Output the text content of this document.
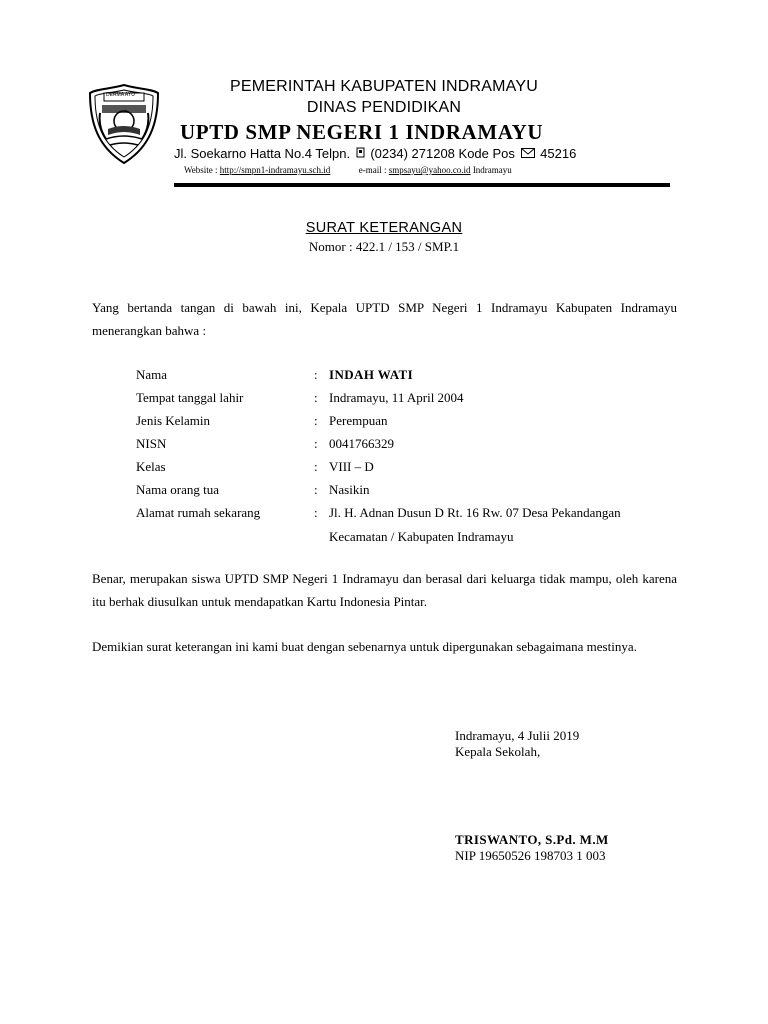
DERMA AYU	PEMERINTAH KABUPATEN INDRAMAYU
DINAS PENDIDIKAN
UPTD SMP NEGERI 1 INDRAMAYU
Jl. Soekarno Hatta No.4 Telpn. (0234) 271208 Kode Pos 45216
Website : http://smpn1-indramayu.sch.id	e-mail : smpsayu@yahoo.co.id Indramayu
SURAT KETERANGAN
Nomor : 422.1 / 153 / SMP.1
Yang bertanda tangan di bawah ini, Kepala UPTD SMP Negeri 1 Indramayu Kabupaten Indramayu menerangkan bahwa :
Nama	: INDAH WATI
Tempat tanggal lahir	: Indramayu, 11 April 2004
Jenis Kelamin	: Perempuan
NISN	: 0041766329
Kelas	: VIII – D
Nama orang tua	: Nasikin
Alamat rumah sekarang	: Jl. H. Adnan Dusun D Rt. 16 Rw. 07 Desa Pekandangan Kecamatan / Kabupaten Indramayu
Benar, merupakan siswa UPTD SMP Negeri 1 Indramayu dan berasal dari keluarga tidak mampu, oleh karena itu berhak diusulkan untuk mendapatkan Kartu Indonesia Pintar.
Demikian surat keterangan ini kami buat dengan sebenarnya untuk dipergunakan sebagaimana mestinya.
Indramayu, 4 Julii 2019
Kepala Sekolah,
TRISWANTO, S.Pd. M.M
NIP 19650526 198703 1 003
